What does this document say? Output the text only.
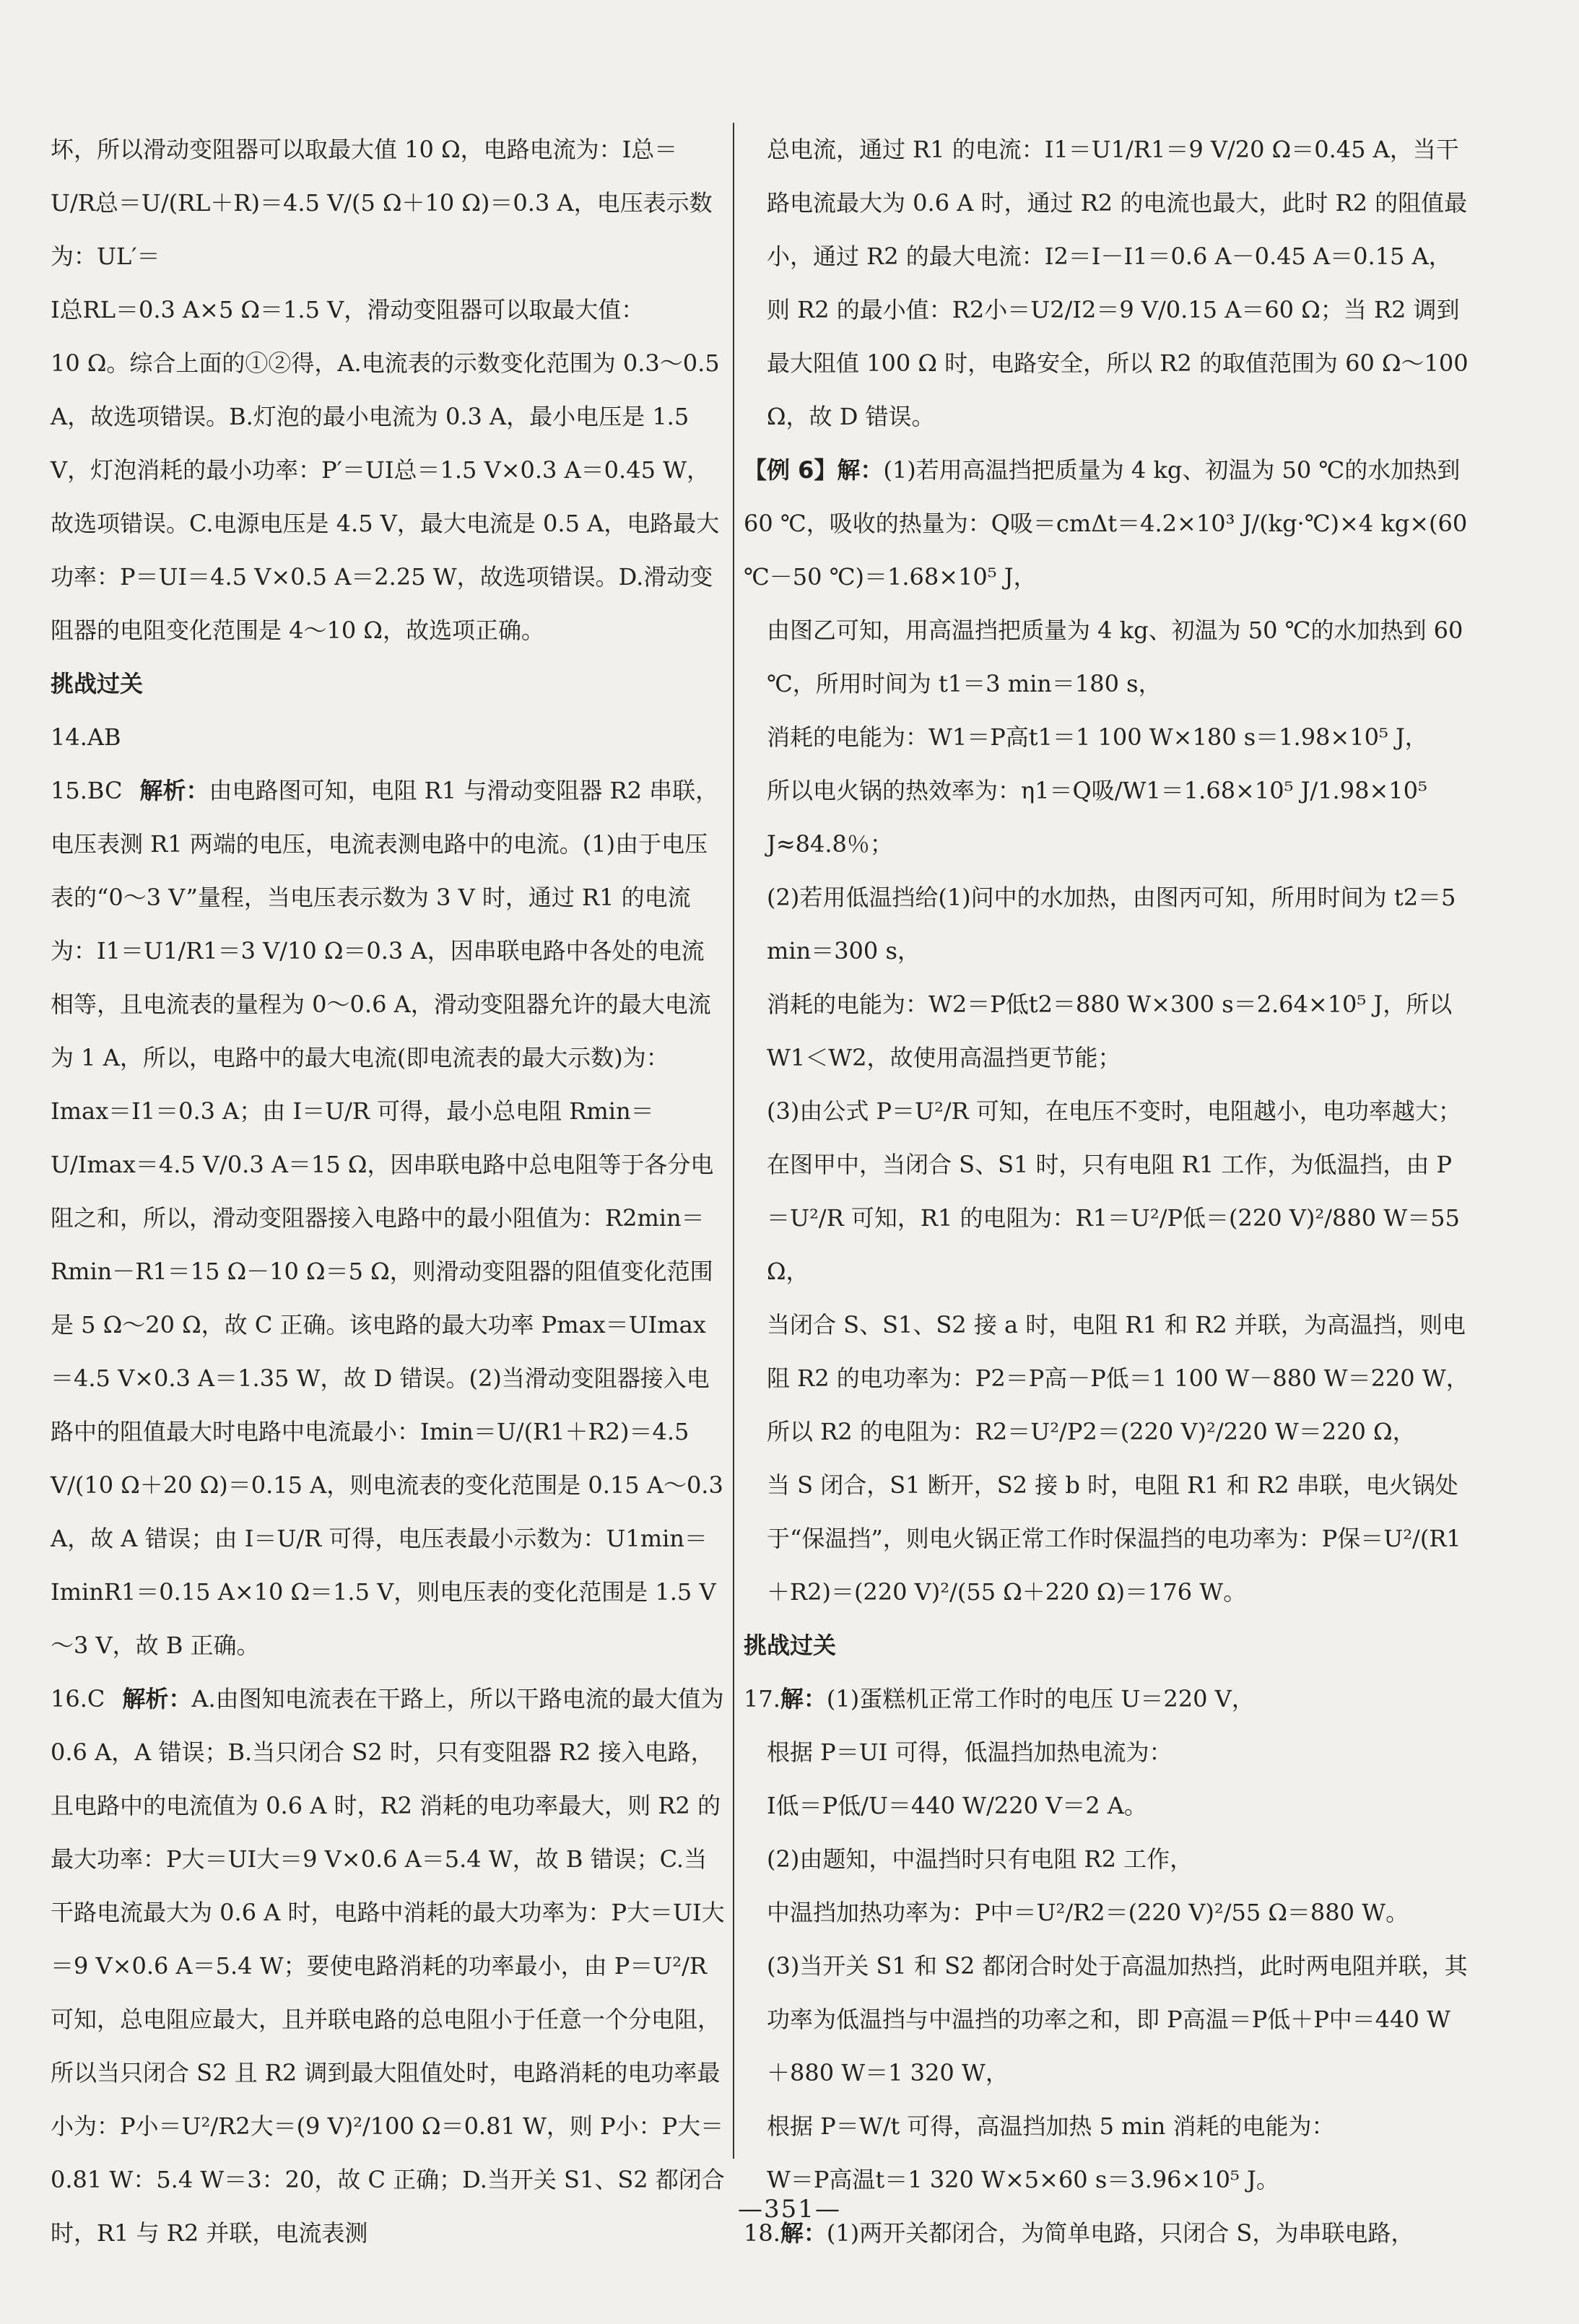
坏，所以滑动变阻器可以取最大值 10 Ω，电路电流为：I总＝

U/R总＝U/(RL＋R)＝4.5 V/(5 Ω＋10 Ω)＝0.3 A，电压表示数为：UL′＝

I总RL＝0.3 A×5 Ω＝1.5 V，滑动变阻器可以取最大值：

10 Ω。综合上面的①②得，A.电流表的示数变化范围为 0.3～0.5 A，故选项错误。B.灯泡的最小电流为 0.3 A，最小电压是 1.5 V，灯泡消耗的最小功率：P′＝UI总＝1.5 V×0.3 A＝0.45 W，故选项错误。C.电源电压是 4.5 V，最大电流是 0.5 A，电路最大功率：P＝UI＝4.5 V×0.5 A＝2.25 W，故选项错误。D.滑动变阻器的电阻变化范围是 4～10 Ω，故选项正确。

挑战过关

14.AB

15.BC 解析：由电路图可知，电阻 R1 与滑动变阻器 R2 串联，电压表测 R1 两端的电压，电流表测电路中的电流。(1)由于电压表的“0～3 V”量程，当电压表示数为 3 V 时，通过 R1 的电流为：I1＝U1/R1＝3 V/10 Ω＝0.3 A，因串联电路中各处的电流相等，且电流表的量程为 0～0.6 A，滑动变阻器允许的最大电流为 1 A，所以，电路中的最大电流(即电流表的最大示数)为：Imax＝I1＝0.3 A；由 I＝U/R 可得，最小总电阻 Rmin＝U/Imax＝4.5 V/0.3 A＝15 Ω，因串联电路中总电阻等于各分电阻之和，所以，滑动变阻器接入电路中的最小阻值为：R2min＝Rmin－R1＝15 Ω－10 Ω＝5 Ω，则滑动变阻器的阻值变化范围是 5 Ω～20 Ω，故 C 正确。该电路的最大功率 Pmax＝UImax＝4.5 V×0.3 A＝1.35 W，故 D 错误。(2)当滑动变阻器接入电路中的阻值最大时电路中电流最小：Imin＝U/(R1＋R2)＝4.5 V/(10 Ω＋20 Ω)＝0.15 A，则电流表的变化范围是 0.15 A～0.3 A，故 A 错误；由 I＝U/R 可得，电压表最小示数为：U1min＝IminR1＝0.15 A×10 Ω＝1.5 V，则电压表的变化范围是 1.5 V～3 V，故 B 正确。

16.C 解析：A.由图知电流表在干路上，所以干路电流的最大值为 0.6 A，A 错误；B.当只闭合 S2 时，只有变阻器 R2 接入电路，且电路中的电流值为 0.6 A 时，R2 消耗的电功率最大，则 R2 的最大功率：P大＝UI大＝9 V×0.6 A＝5.4 W，故 B 错误；C.当干路电流最大为 0.6 A 时，电路中消耗的最大功率为：P大＝UI大＝9 V×0.6 A＝5.4 W；要使电路消耗的功率最小，由 P＝U²/R 可知，总电阻应最大，且并联电路的总电阻小于任意一个分电阻，所以当只闭合 S2 且 R2 调到最大阻值处时，电路消耗的电功率最小为：P小＝U²/R2大＝(9 V)²/100 Ω＝0.81 W，则 P小：P大＝0.81 W：5.4 W＝3：20，故 C 正确；D.当开关 S1、S2 都闭合时，R1 与 R2 并联，电流表测

总电流，通过 R1 的电流：I1＝U1/R1＝9 V/20 Ω＝0.45 A，当干路电流最大为 0.6 A 时，通过 R2 的电流也最大，此时 R2 的阻值最小，通过 R2 的最大电流：I2＝I－I1＝0.6 A－0.45 A＝0.15 A，则 R2 的最小值：R2小＝U2/I2＝9 V/0.15 A＝60 Ω；当 R2 调到最大阻值 100 Ω 时，电路安全，所以 R2 的取值范围为 60 Ω～100 Ω，故 D 错误。

【例 6】解：(1)若用高温挡把质量为 4 kg、初温为 50 ℃的水加热到 60 ℃，吸收的热量为：Q吸＝cmΔt＝4.2×10³ J/(kg·℃)×4 kg×(60 ℃－50 ℃)＝1.68×10⁵ J，

由图乙可知，用高温挡把质量为 4 kg、初温为 50 ℃的水加热到 60 ℃，所用时间为 t1＝3 min＝180 s，

消耗的电能为：W1＝P高t1＝1 100 W×180 s＝1.98×10⁵ J，

所以电火锅的热效率为：η1＝Q吸/W1＝1.68×10⁵ J/1.98×10⁵ J≈84.8％；

(2)若用低温挡给(1)问中的水加热，由图丙可知，所用时间为 t2＝5 min＝300 s，

消耗的电能为：W2＝P低t2＝880 W×300 s＝2.64×10⁵ J，所以 W1＜W2，故使用高温挡更节能；

(3)由公式 P＝U²/R 可知，在电压不变时，电阻越小，电功率越大；在图甲中，当闭合 S、S1 时，只有电阻 R1 工作，为低温挡，由 P＝U²/R 可知，R1 的电阻为：R1＝U²/P低＝(220 V)²/880 W＝55 Ω，

当闭合 S、S1、S2 接 a 时，电阻 R1 和 R2 并联，为高温挡，则电阻 R2 的电功率为：P2＝P高－P低＝1 100 W－880 W＝220 W，

所以 R2 的电阻为：R2＝U²/P2＝(220 V)²/220 W＝220 Ω，

当 S 闭合，S1 断开，S2 接 b 时，电阻 R1 和 R2 串联，电火锅处于“保温挡”，则电火锅正常工作时保温挡的电功率为：P保＝U²/(R1＋R2)＝(220 V)²/(55 Ω＋220 Ω)＝176 W。

挑战过关

17.解：(1)蛋糕机正常工作时的电压 U＝220 V，

根据 P＝UI 可得，低温挡加热电流为：

I低＝P低/U＝440 W/220 V＝2 A。

(2)由题知，中温挡时只有电阻 R2 工作，

中温挡加热功率为：P中＝U²/R2＝(220 V)²/55 Ω＝880 W。

(3)当开关 S1 和 S2 都闭合时处于高温加热挡，此时两电阻并联，其功率为低温挡与中温挡的功率之和，即 P高温＝P低＋P中＝440 W＋880 W＝1 320 W，

根据 P＝W/t 可得，高温挡加热 5 min 消耗的电能为：

W＝P高温t＝1 320 W×5×60 s＝3.96×10⁵ J。

18.解：(1)两开关都闭合，为简单电路，只闭合 S，为串联电路，

—351—
